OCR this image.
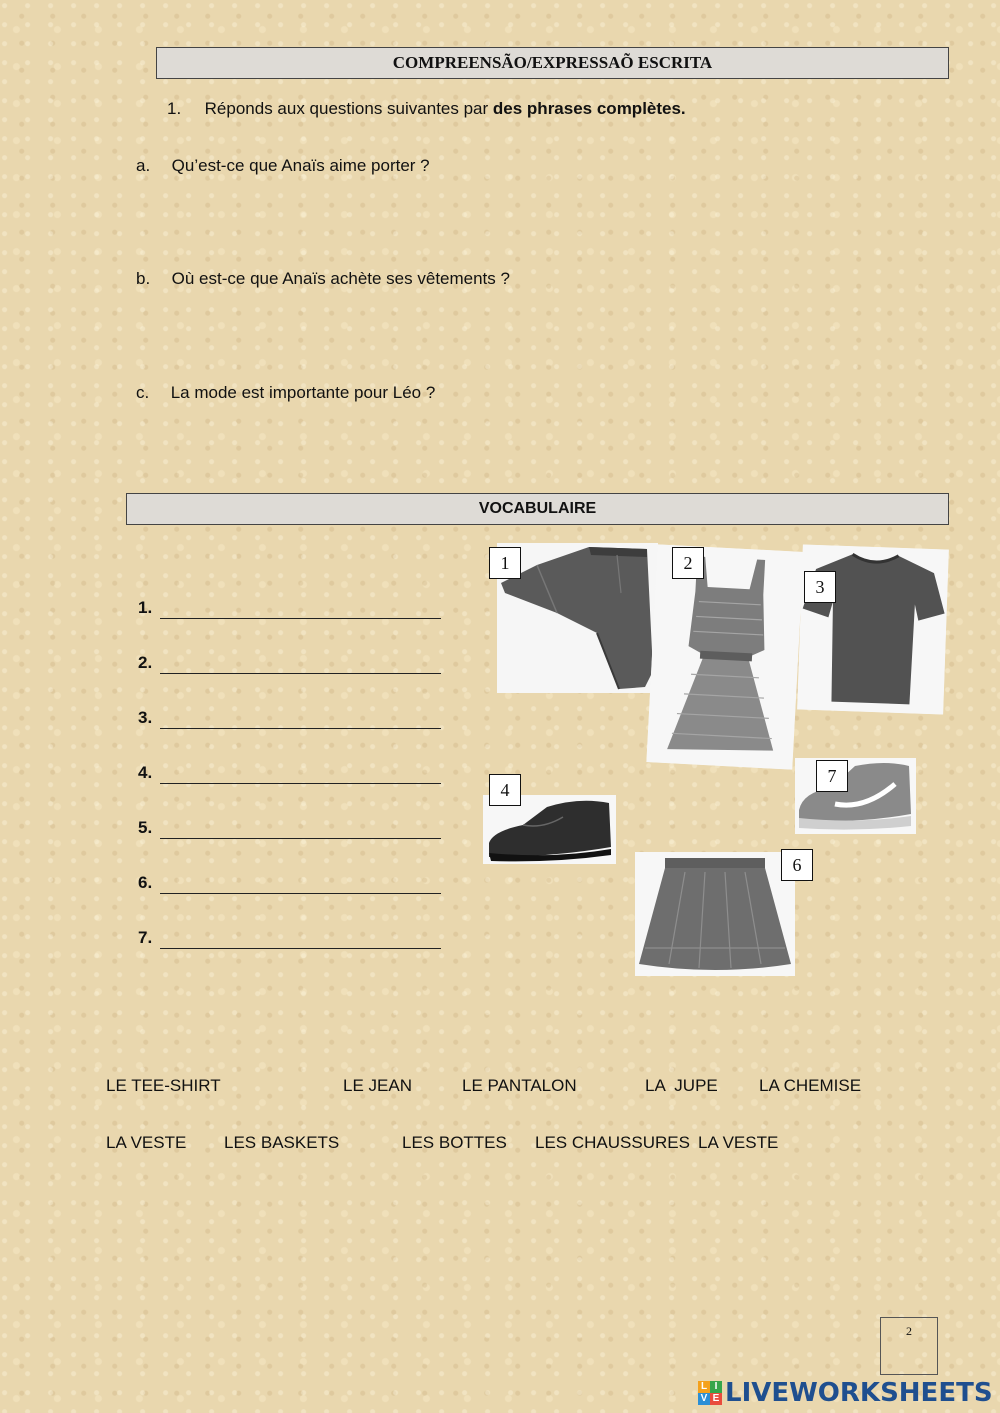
COMPREENSÃO/EXPRESSAÕ ESCRITA
1. Réponds aux questions suivantes par des phrases complètes.
a. Qu’est-ce que Anaïs aime porter ?
b. Où est-ce que Anaïs achète ses vêtements ?
c. La mode est importante pour Léo ?
VOCABULAIRE
1.
2.
3.
4.
5.
6.
7.
1	2
3
4
7
6
LE TEE-SHIRT	LE JEAN	LE PANTALON	LA  JUPE LA CHEMISE
LA VESTE LES BASKETS	LES BOTTES LES CHAUSSURES LA VESTE
2
L I
V E LIVEWORKSHEETS
